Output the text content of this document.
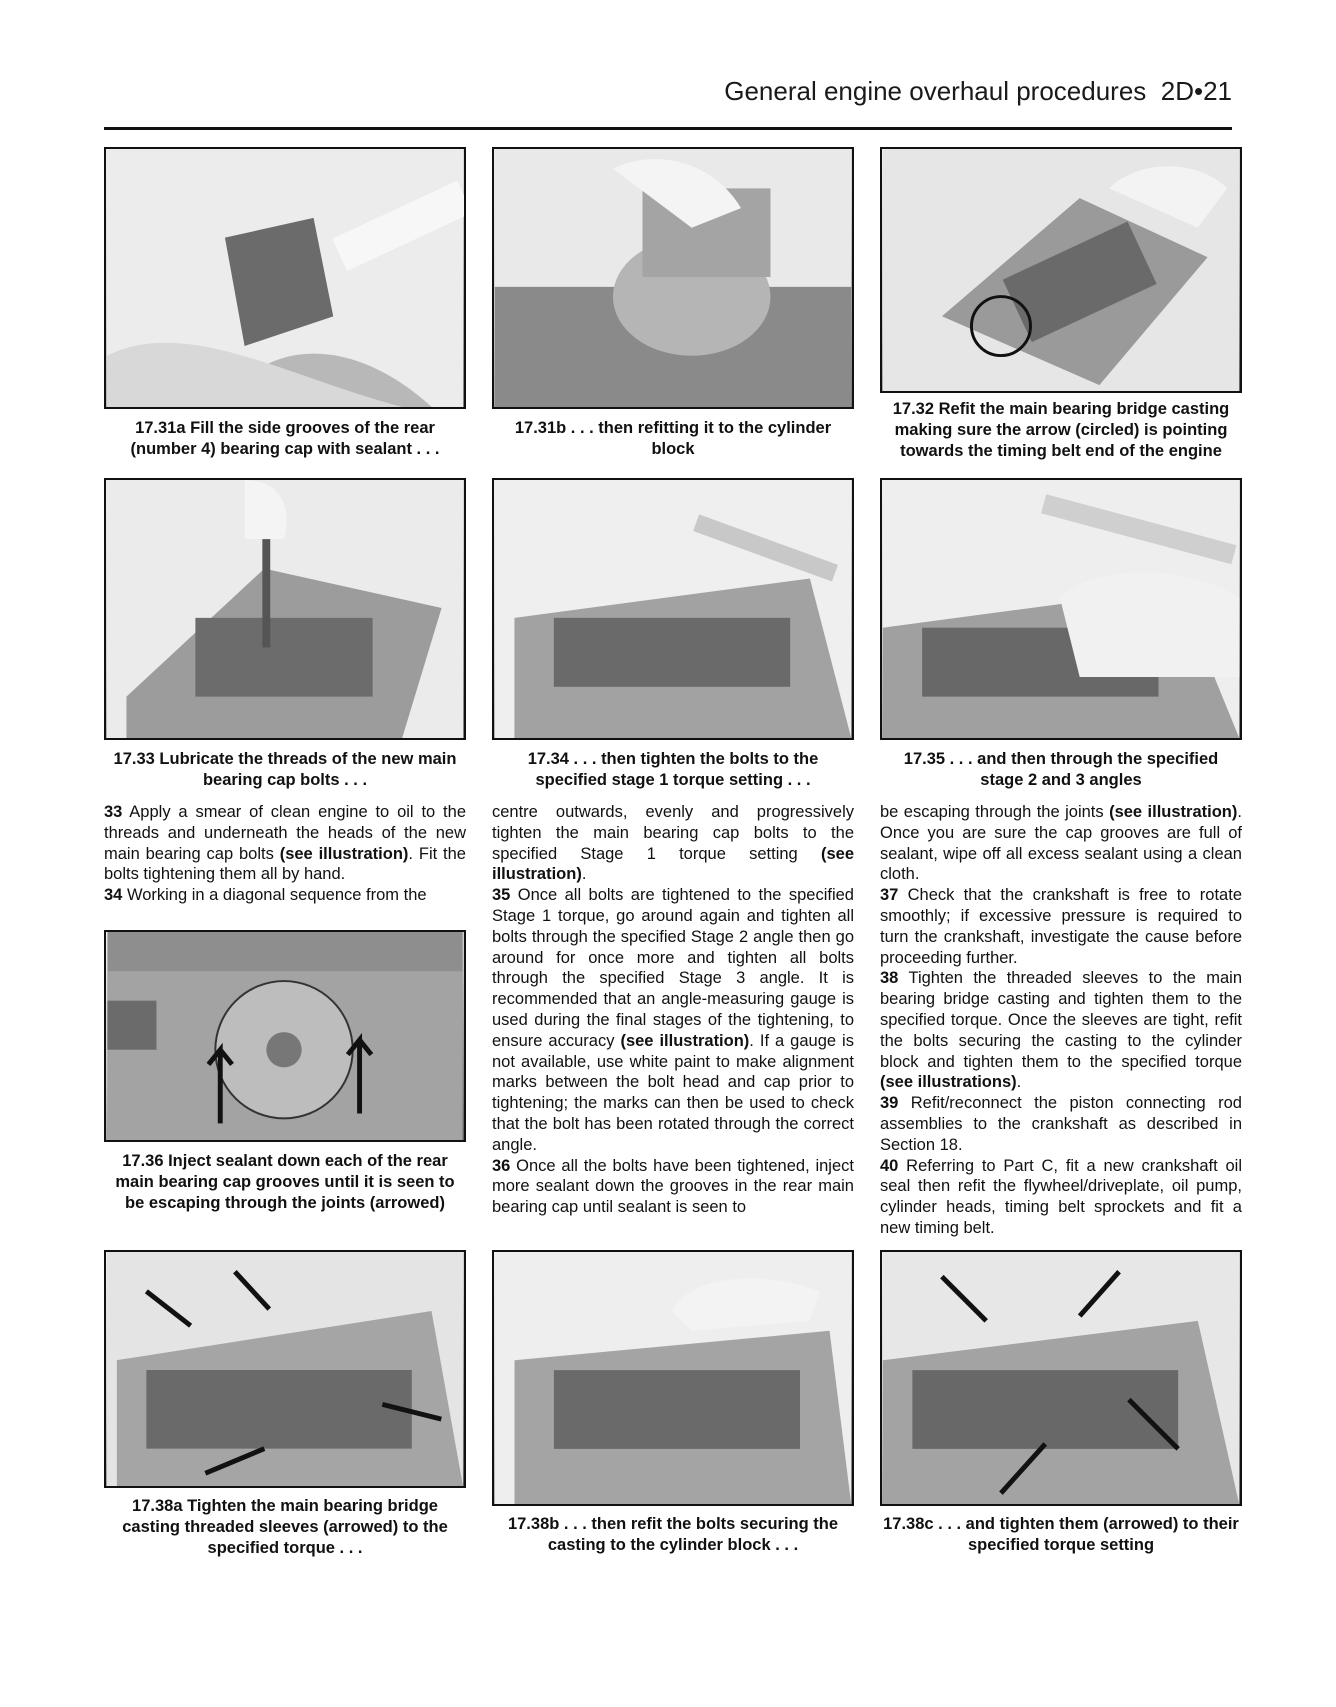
General engine overhaul procedures 2D•21
17.31a Fill the side grooves of the rear (number 4) bearing cap with sealant . . .
17.31b . . . then refitting it to the cylinder block
17.32 Refit the main bearing bridge casting making sure the arrow (circled) is pointing towards the timing belt end of the engine
17.33 Lubricate the threads of the new main bearing cap bolts . . .
17.34 . . . then tighten the bolts to the specified stage 1 torque setting . . .
17.35 . . . and then through the specified stage 2 and 3 angles

33 Apply a smear of clean engine to oil to the threads and underneath the heads of the new main bearing cap bolts (see illustration). Fit the bolts tightening them all by hand.

34 Working in a diagonal sequence from the

17.36 Inject sealant down each of the rear main bearing cap grooves until it is seen to be escaping through the joints (arrowed)

centre outwards, evenly and progressively tighten the main bearing cap bolts to the specified Stage 1 torque setting (see illustration).

35 Once all bolts are tightened to the specified Stage 1 torque, go around again and tighten all bolts through the specified Stage 2 angle then go around for once more and tighten all bolts through the specified Stage 3 angle. It is recommended that an angle-measuring gauge is used during the final stages of the tightening, to ensure accuracy (see illustration). If a gauge is not available, use white paint to make alignment marks between the bolt head and cap prior to tightening; the marks can then be used to check that the bolt has been rotated through the correct angle.

36 Once all the bolts have been tightened, inject more sealant down the grooves in the rear main bearing cap until sealant is seen to

be escaping through the joints (see illustration). Once you are sure the cap grooves are full of sealant, wipe off all excess sealant using a clean cloth.

37 Check that the crankshaft is free to rotate smoothly; if excessive pressure is required to turn the crankshaft, investigate the cause before proceeding further.

38 Tighten the threaded sleeves to the main bearing bridge casting and tighten them to the specified torque. Once the sleeves are tight, refit the bolts securing the casting to the cylinder block and tighten them to the specified torque (see illustrations).

39 Refit/reconnect the piston connecting rod assemblies to the crankshaft as described in Section 18.

40 Referring to Part C, fit a new crankshaft oil seal then refit the flywheel/driveplate, oil pump, cylinder heads, timing belt sprockets and fit a new timing belt.

17.38a Tighten the main bearing bridge casting threaded sleeves (arrowed) to the specified torque . . .
17.38b . . . then refit the bolts securing the casting to the cylinder block . . .
17.38c . . . and tighten them (arrowed) to their specified torque setting
